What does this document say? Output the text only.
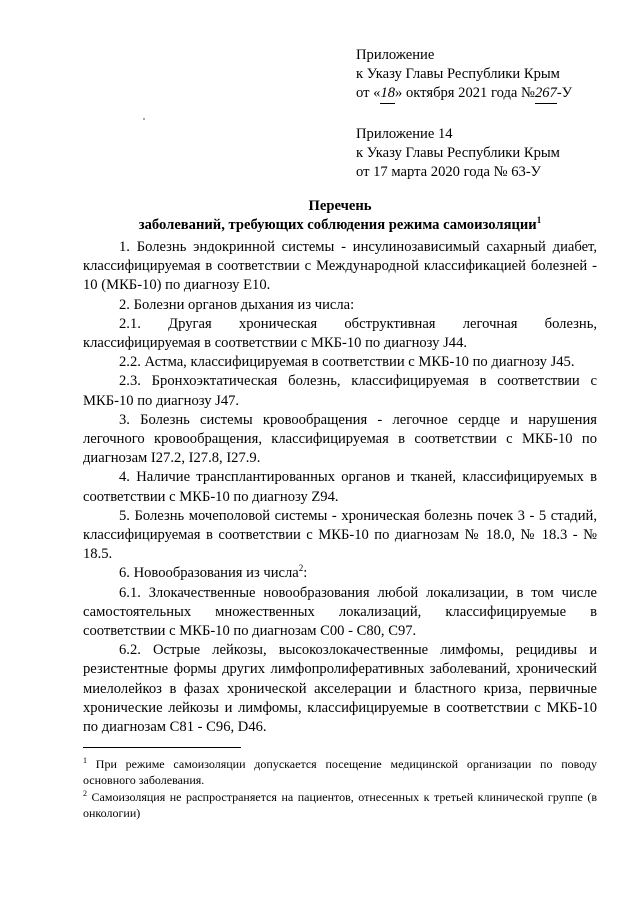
Приложение
к Указу Главы Республики Крым
от «18» октября 2021 года №267-У
Приложение 14
к Указу Главы Республики Крым
от 17 марта 2020 года № 63-У
Перечень
заболеваний, требующих соблюдения режима самоизоляции$^1$

1. Болезнь эндокринной системы - инсулинозависимый сахарный диабет, классифицируемая в соответствии с Международной классификацией болезней - 10 (МКБ-10) по диагнозу E10.

2. Болезни органов дыхания из числа:

2.1. Другая хроническая обструктивная легочная болезнь, классифицируемая в соответствии с МКБ-10 по диагнозу J44.

2.2. Астма, классифицируемая в соответствии с МКБ-10 по диагнозу J45.

2.3. Бронхоэктатическая болезнь, классифицируемая в соответствии с МКБ-10 по диагнозу J47.

3. Болезнь системы кровообращения - легочное сердце и нарушения легочного кровообращения, классифицируемая в соответствии с МКБ-10 по диагнозам I27.2, I27.8, I27.9.

4. Наличие трансплантированных органов и тканей, классифицируемых в соответствии с МКБ-10 по диагнозу Z94.

5. Болезнь мочеполовой системы - хроническая болезнь почек 3 - 5 стадий, классифицируемая в соответствии с МКБ-10 по диагнозам № 18.0, № 18.3 - № 18.5.

6. Новообразования из числа$^2$:

6.1. Злокачественные новообразования любой локализации, в том числе самостоятельных множественных локализаций, классифицируемые в соответствии с МКБ-10 по диагнозам C00 - C80, C97.

6.2. Острые лейкозы, высокозлокачественные лимфомы, рецидивы и резистентные формы других лимфопролиферативных заболеваний, хронический миелолейкоз в фазах хронической акселерации и бластного криза, первичные хронические лейкозы и лимфомы, классифицируемые в соответствии с МКБ-10 по диагнозам C81 - C96, D46.

$^1$ При режиме самоизоляции допускается посещение медицинской организации по поводу основного заболевания.

$^2$ Самоизоляция не распространяется на пациентов, отнесенных к третьей клинической группе (в онкологии)
